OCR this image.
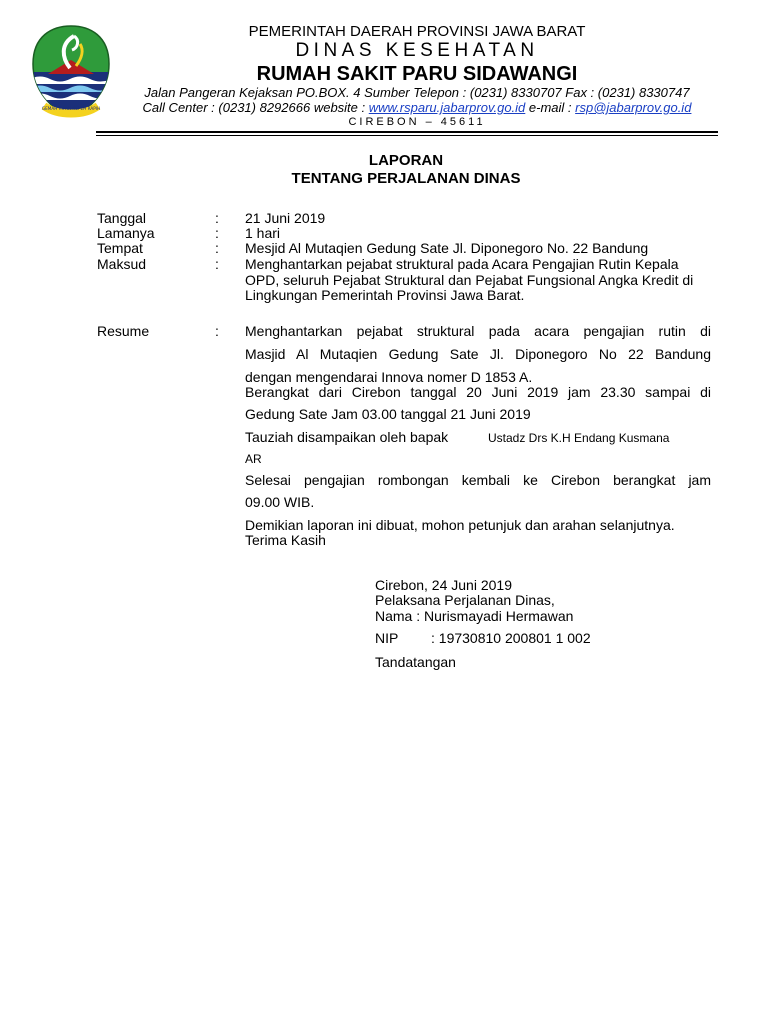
GEMAH RIPAH REPEH RAPIH
PEMERINTAH DAERAH PROVINSI JAWA BARAT
DINAS KESEHATAN
RUMAH SAKIT PARU SIDAWANGI
Jalan Pangeran Kejaksan PO.BOX. 4 Sumber Telepon : (0231) 8330707 Fax : (0231) 8330747
Call Center : (0231) 8292666 website : www.rsparu.jabarprov.go.id e-mail : rsp@jabarprov.go.id
CIREBON – 45611
LAPORAN
TENTANG PERJALANAN DINAS
Tanggal	: 21 Juni 2019
Lamanya	: 1 hari
Tempat	: Mesjid Al Mutaqien Gedung Sate Jl. Diponegoro No. 22 Bandung
Maksud	: Menghantarkan pejabat struktural pada Acara Pengajian Rutin Kepala OPD, seluruh Pejabat Struktural dan Pejabat Fungsional Angka Kredit di Lingkungan Pemerintah Provinsi Jawa Barat.
Resume	: Menghantarkan pejabat struktural pada acara pengajian rutin di
Masjid Al Mutaqien Gedung Sate Jl. Diponegoro No 22 Bandung
dengan mengendarai Innova nomer D 1853 A.
Berangkat dari Cirebon tanggal 20 Juni 2019 jam 23.30 sampai di
Gedung Sate Jam 03.00 tanggal 21 Juni 2019
Tauziah disampaikan oleh bapak	Ustadz Drs K.H Endang Kusmana
AR
Selesai pengajian rombongan kembali ke Cirebon berangkat jam
09.00 WIB.
Demikian laporan ini dibuat, mohon petunjuk dan arahan selanjutnya.
Terima Kasih
Cirebon, 24 Juni 2019
Pelaksana Perjalanan Dinas,
Nama : Nurismayadi Hermawan
NIP : 19730810 200801 1 002
Tandatangan
